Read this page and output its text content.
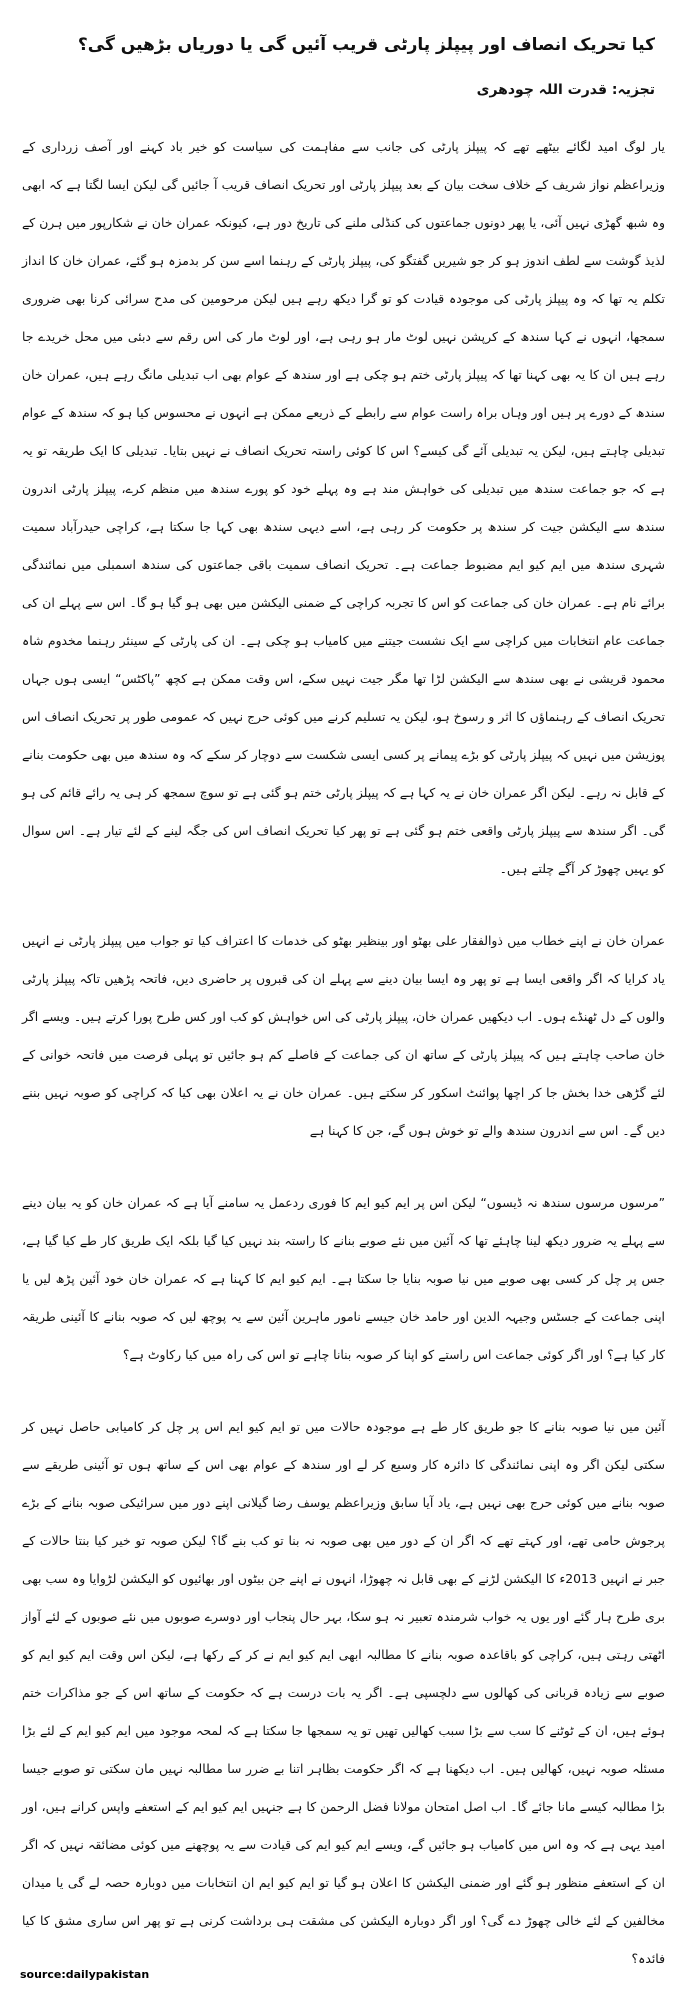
کیا تحریک انصاف اور پیپلز پارٹی قریب آئیں گی یا دوریاں بڑھیں گی؟
تجزیہ: قدرت اللہ چودھری

یار لوگ امید لگائے بیٹھے تھے کہ پیپلز پارٹی کی جانب سے مفاہمت کی سیاست کو خیر باد کہنے اور آصف زرداری کے وزیراعظم نواز شریف کے خلاف سخت بیان کے بعد پیپلز پارٹی اور تحریک انصاف قریب آ جائیں گی لیکن ایسا لگتا ہے کہ ابھی وہ شبھ گھڑی نہیں آئی، یا پھر دونوں جماعتوں کی کنڈلی ملنے کی تاریخ دور ہے، کیونکہ عمران خان نے شکارپور میں ہرن کے لذیذ گوشت سے لطف اندوز ہو کر جو شیریں گفتگو کی، پیپلز پارٹی کے رہنما اسے سن کر بدمزہ ہو گئے، عمران خان کا انداز تکلم یہ تھا کہ وہ پیپلز پارٹی کی موجودہ قیادت کو تو گرا دیکھ رہے ہیں لیکن مرحومین کی مدح سرائی کرنا بھی ضروری سمجھا، انہوں نے کہا سندھ کے کرپشن نہیں لوٹ مار ہو رہی ہے، اور لوٹ مار کی اس رقم سے دبئی میں محل خریدے جا رہے ہیں ان کا یہ بھی کہنا تھا کہ پیپلز پارٹی ختم ہو چکی ہے اور سندھ کے عوام بھی اب تبدیلی مانگ رہے ہیں، عمران خان سندھ کے دورے پر ہیں اور وہاں براہ راست عوام سے رابطے کے ذریعے ممکن ہے انہوں نے محسوس کیا ہو کہ سندھ کے عوام تبدیلی چاہتے ہیں، لیکن یہ تبدیلی آئے گی کیسے؟ اس کا کوئی راستہ تحریک انصاف نے نہیں بتایا۔ تبدیلی کا ایک طریقہ تو یہ ہے کہ جو جماعت سندھ میں تبدیلی کی خواہش مند ہے وہ پہلے خود کو پورے سندھ میں منظم کرے، پیپلز پارٹی اندرون سندھ سے الیکشن جیت کر سندھ پر حکومت کر رہی ہے، اسے دیہی سندھ بھی کہا جا سکتا ہے، کراچی حیدرآباد سمیت شہری سندھ میں ایم کیو ایم مضبوط جماعت ہے۔ تحریک انصاف سمیت باقی جماعتوں کی سندھ اسمبلی میں نمائندگی برائے نام ہے۔ عمران خان کی جماعت کو اس کا تجربہ کراچی کے ضمنی الیکشن میں بھی ہو گیا ہو گا۔ اس سے پہلے ان کی جماعت عام انتخابات میں کراچی سے ایک نشست جیتنے میں کامیاب ہو چکی ہے۔ ان کی پارٹی کے سینئر رہنما مخدوم شاہ محمود قریشی نے بھی سندھ سے الیکشن لڑا تھا مگر جیت نہیں سکے، اس وقت ممکن ہے کچھ ”پاکٹس“ ایسی ہوں جہاں تحریک انصاف کے رہنماؤں کا اثر و رسوخ ہو، لیکن یہ تسلیم کرنے میں کوئی حرج نہیں کہ عمومی طور پر تحریک انصاف اس پوزیشن میں نہیں کہ پیپلز پارٹی کو بڑے پیمانے پر کسی ایسی شکست سے دوچار کر سکے کہ وہ سندھ میں بھی حکومت بنانے کے قابل نہ رہے۔ لیکن اگر عمران خان نے یہ کہا ہے کہ پیپلز پارٹی ختم ہو گئی ہے تو سوچ سمجھ کر ہی یہ رائے قائم کی ہو گی۔ اگر سندھ سے پیپلز پارٹی واقعی ختم ہو گئی ہے تو پھر کیا تحریک انصاف اس کی جگہ لینے کے لئے تیار ہے۔ اس سوال کو یہیں چھوڑ کر آگے چلتے ہیں۔

عمران خان نے اپنے خطاب میں ذوالفقار علی بھٹو اور بینظیر بھٹو کی خدمات کا اعتراف کیا تو جواب میں پیپلز پارٹی نے انہیں یاد کرایا کہ اگر واقعی ایسا ہے تو پھر وہ ایسا بیان دینے سے پہلے ان کی قبروں پر حاضری دیں، فاتحہ پڑھیں تاکہ پیپلز پارٹی والوں کے دل ٹھنڈے ہوں۔ اب دیکھیں عمران خان، پیپلز پارٹی کی اس خواہش کو کب اور کس طرح پورا کرتے ہیں۔ ویسے اگر خان صاحب چاہتے ہیں کہ پیپلز پارٹی کے ساتھ ان کی جماعت کے فاصلے کم ہو جائیں تو پہلی فرصت میں فاتحہ خوانی کے لئے گڑھی خدا بخش جا کر اچھا پوائنٹ اسکور کر سکتے ہیں۔ عمران خان نے یہ اعلان بھی کیا کہ کراچی کو صوبہ نہیں بننے دیں گے۔ اس سے اندرون سندھ والے تو خوش ہوں گے، جن کا کہنا ہے

”مرسوں مرسوں سندھ نہ ڈیسوں“ لیکن اس پر ایم کیو ایم کا فوری ردعمل یہ سامنے آیا ہے کہ عمران خان کو یہ بیان دینے سے پہلے یہ ضرور دیکھ لینا چاہئے تھا کہ آئین میں نئے صوبے بنانے کا راستہ بند نہیں کیا گیا بلکہ ایک طریق کار طے کیا گیا ہے، جس پر چل کر کسی بھی صوبے میں نیا صوبہ بنایا جا سکتا ہے۔ ایم کیو ایم کا کہنا ہے کہ عمران خان خود آئین پڑھ لیں یا اپنی جماعت کے جسٹس وجیہہ الدین اور حامد خان جیسے نامور ماہرین آئین سے یہ پوچھ لیں کہ صوبہ بنانے کا آئینی طریقہ کار کیا ہے؟ اور اگر کوئی جماعت اس راستے کو اپنا کر صوبہ بنانا چاہے تو اس کی راہ میں کیا رکاوٹ ہے؟

آئین میں نیا صوبہ بنانے کا جو طریق کار طے ہے موجودہ حالات میں تو ایم کیو ایم اس پر چل کر کامیابی حاصل نہیں کر سکتی لیکن اگر وہ اپنی نمائندگی کا دائرہ کار وسیع کر لے اور سندھ کے عوام بھی اس کے ساتھ ہوں تو آئینی طریقے سے صوبہ بنانے میں کوئی حرج بھی نہیں ہے، یاد آیا سابق وزیراعظم یوسف رضا گیلانی اپنے دور میں سرائیکی صوبہ بنانے کے بڑے پرجوش حامی تھے، اور کہتے تھے کہ اگر ان کے دور میں بھی صوبہ نہ بنا تو کب بنے گا؟ لیکن صوبہ تو خیر کیا بنتا حالات کے جبر نے انہیں 2013ء کا الیکشن لڑنے کے بھی قابل نہ چھوڑا، انہوں نے اپنے جن بیٹوں اور بھائیوں کو الیکشن لڑوایا وہ سب بھی بری طرح ہار گئے اور یوں یہ خواب شرمندہ تعبیر نہ ہو سکا، بہر حال پنجاب اور دوسرے صوبوں میں نئے صوبوں کے لئے آواز اٹھتی رہتی ہیں، کراچی کو باقاعدہ صوبہ بنانے کا مطالبہ ابھی ایم کیو ایم نے کر کے رکھا ہے، لیکن اس وقت ایم کیو ایم کو صوبے سے زیادہ قربانی کی کھالوں سے دلچسپی ہے۔ اگر یہ بات درست ہے کہ حکومت کے ساتھ اس کے جو مذاکرات ختم ہوئے ہیں، ان کے ٹوٹنے کا سب سے بڑا سبب کھالیں تھیں تو یہ سمجھا جا سکتا ہے کہ لمحہ موجود میں ایم کیو ایم کے لئے بڑا مسئلہ صوبہ نہیں، کھالیں ہیں۔ اب دیکھنا ہے کہ اگر حکومت بظاہر اتنا بے ضرر سا مطالبہ نہیں مان سکتی تو صوبے جیسا بڑا مطالبہ کیسے مانا جائے گا۔ اب اصل امتحان مولانا فضل الرحمن کا ہے جنہیں ایم کیو ایم کے استعفے واپس کرانے ہیں، اور امید یہی ہے کہ وہ اس میں کامیاب ہو جائیں گے، ویسے ایم کیو ایم کی قیادت سے یہ پوچھنے میں کوئی مضائقہ نہیں کہ اگر ان کے استعفے منظور ہو گئے اور ضمنی الیکشن کا اعلان ہو گیا تو ایم کیو ایم ان انتخابات میں دوبارہ حصہ لے گی یا میدان مخالفین کے لئے خالی چھوڑ دے گی؟ اور اگر دوبارہ الیکشن کی مشقت ہی برداشت کرنی ہے تو پھر اس ساری مشق کا کیا فائدہ؟

source:dailypakistan
